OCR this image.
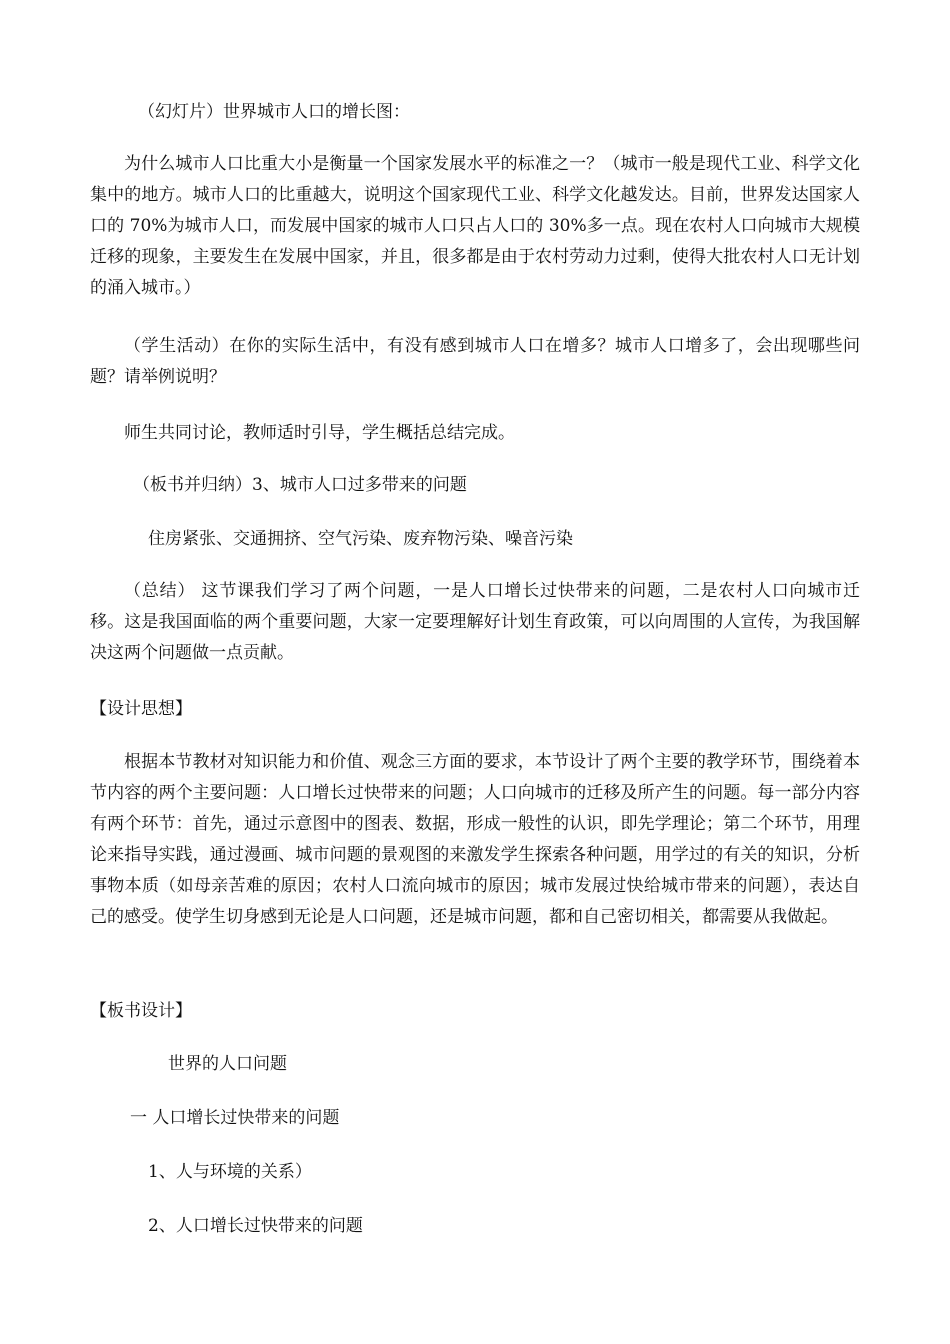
（幻灯片）世界城市人口的增长图：

为什么城市人口比重大小是衡量一个国家发展水平的标准之一？（城市一般是现代工业、科学文化集中的地方。城市人口的比重越大，说明这个国家现代工业、科学文化越发达。目前，世界发达国家人口的 70%为城市人口，而发展中国家的城市人口只占人口的 30%多一点。现在农村人口向城市大规模迁移的现象，主要发生在发展中国家，并且，很多都是由于农村劳动力过剩，使得大批农村人口无计划的涌入城市。）

（学生活动）在你的实际生活中，有没有感到城市人口在增多？城市人口增多了，会出现哪些问题？请举例说明？

师生共同讨论，教师适时引导，学生概括总结完成。

（板书并归纳）3、城市人口过多带来的问题

住房紧张、交通拥挤、空气污染、废弃物污染、噪音污染

（总结） 这节课我们学习了两个问题，一是人口增长过快带来的问题，二是农村人口向城市迁移。这是我国面临的两个重要问题，大家一定要理解好计划生育政策，可以向周围的人宣传，为我国解决这两个问题做一点贡献。

【设计思想】

根据本节教材对知识能力和价值、观念三方面的要求，本节设计了两个主要的教学环节，围绕着本节内容的两个主要问题：人口增长过快带来的问题；人口向城市的迁移及所产生的问题。每一部分内容有两个环节：首先，通过示意图中的图表、数据，形成一般性的认识，即先学理论；第二个环节，用理论来指导实践，通过漫画、城市问题的景观图的来激发学生探索各种问题，用学过的有关的知识，分析事物本质（如母亲苦难的原因；农村人口流向城市的原因；城市发展过快给城市带来的问题），表达自己的感受。使学生切身感到无论是人口问题，还是城市问题，都和自己密切相关，都需要从我做起。

【板书设计】

世界的人口问题

一 人口增长过快带来的问题

1、人与环境的关系）

2、人口增长过快带来的问题
